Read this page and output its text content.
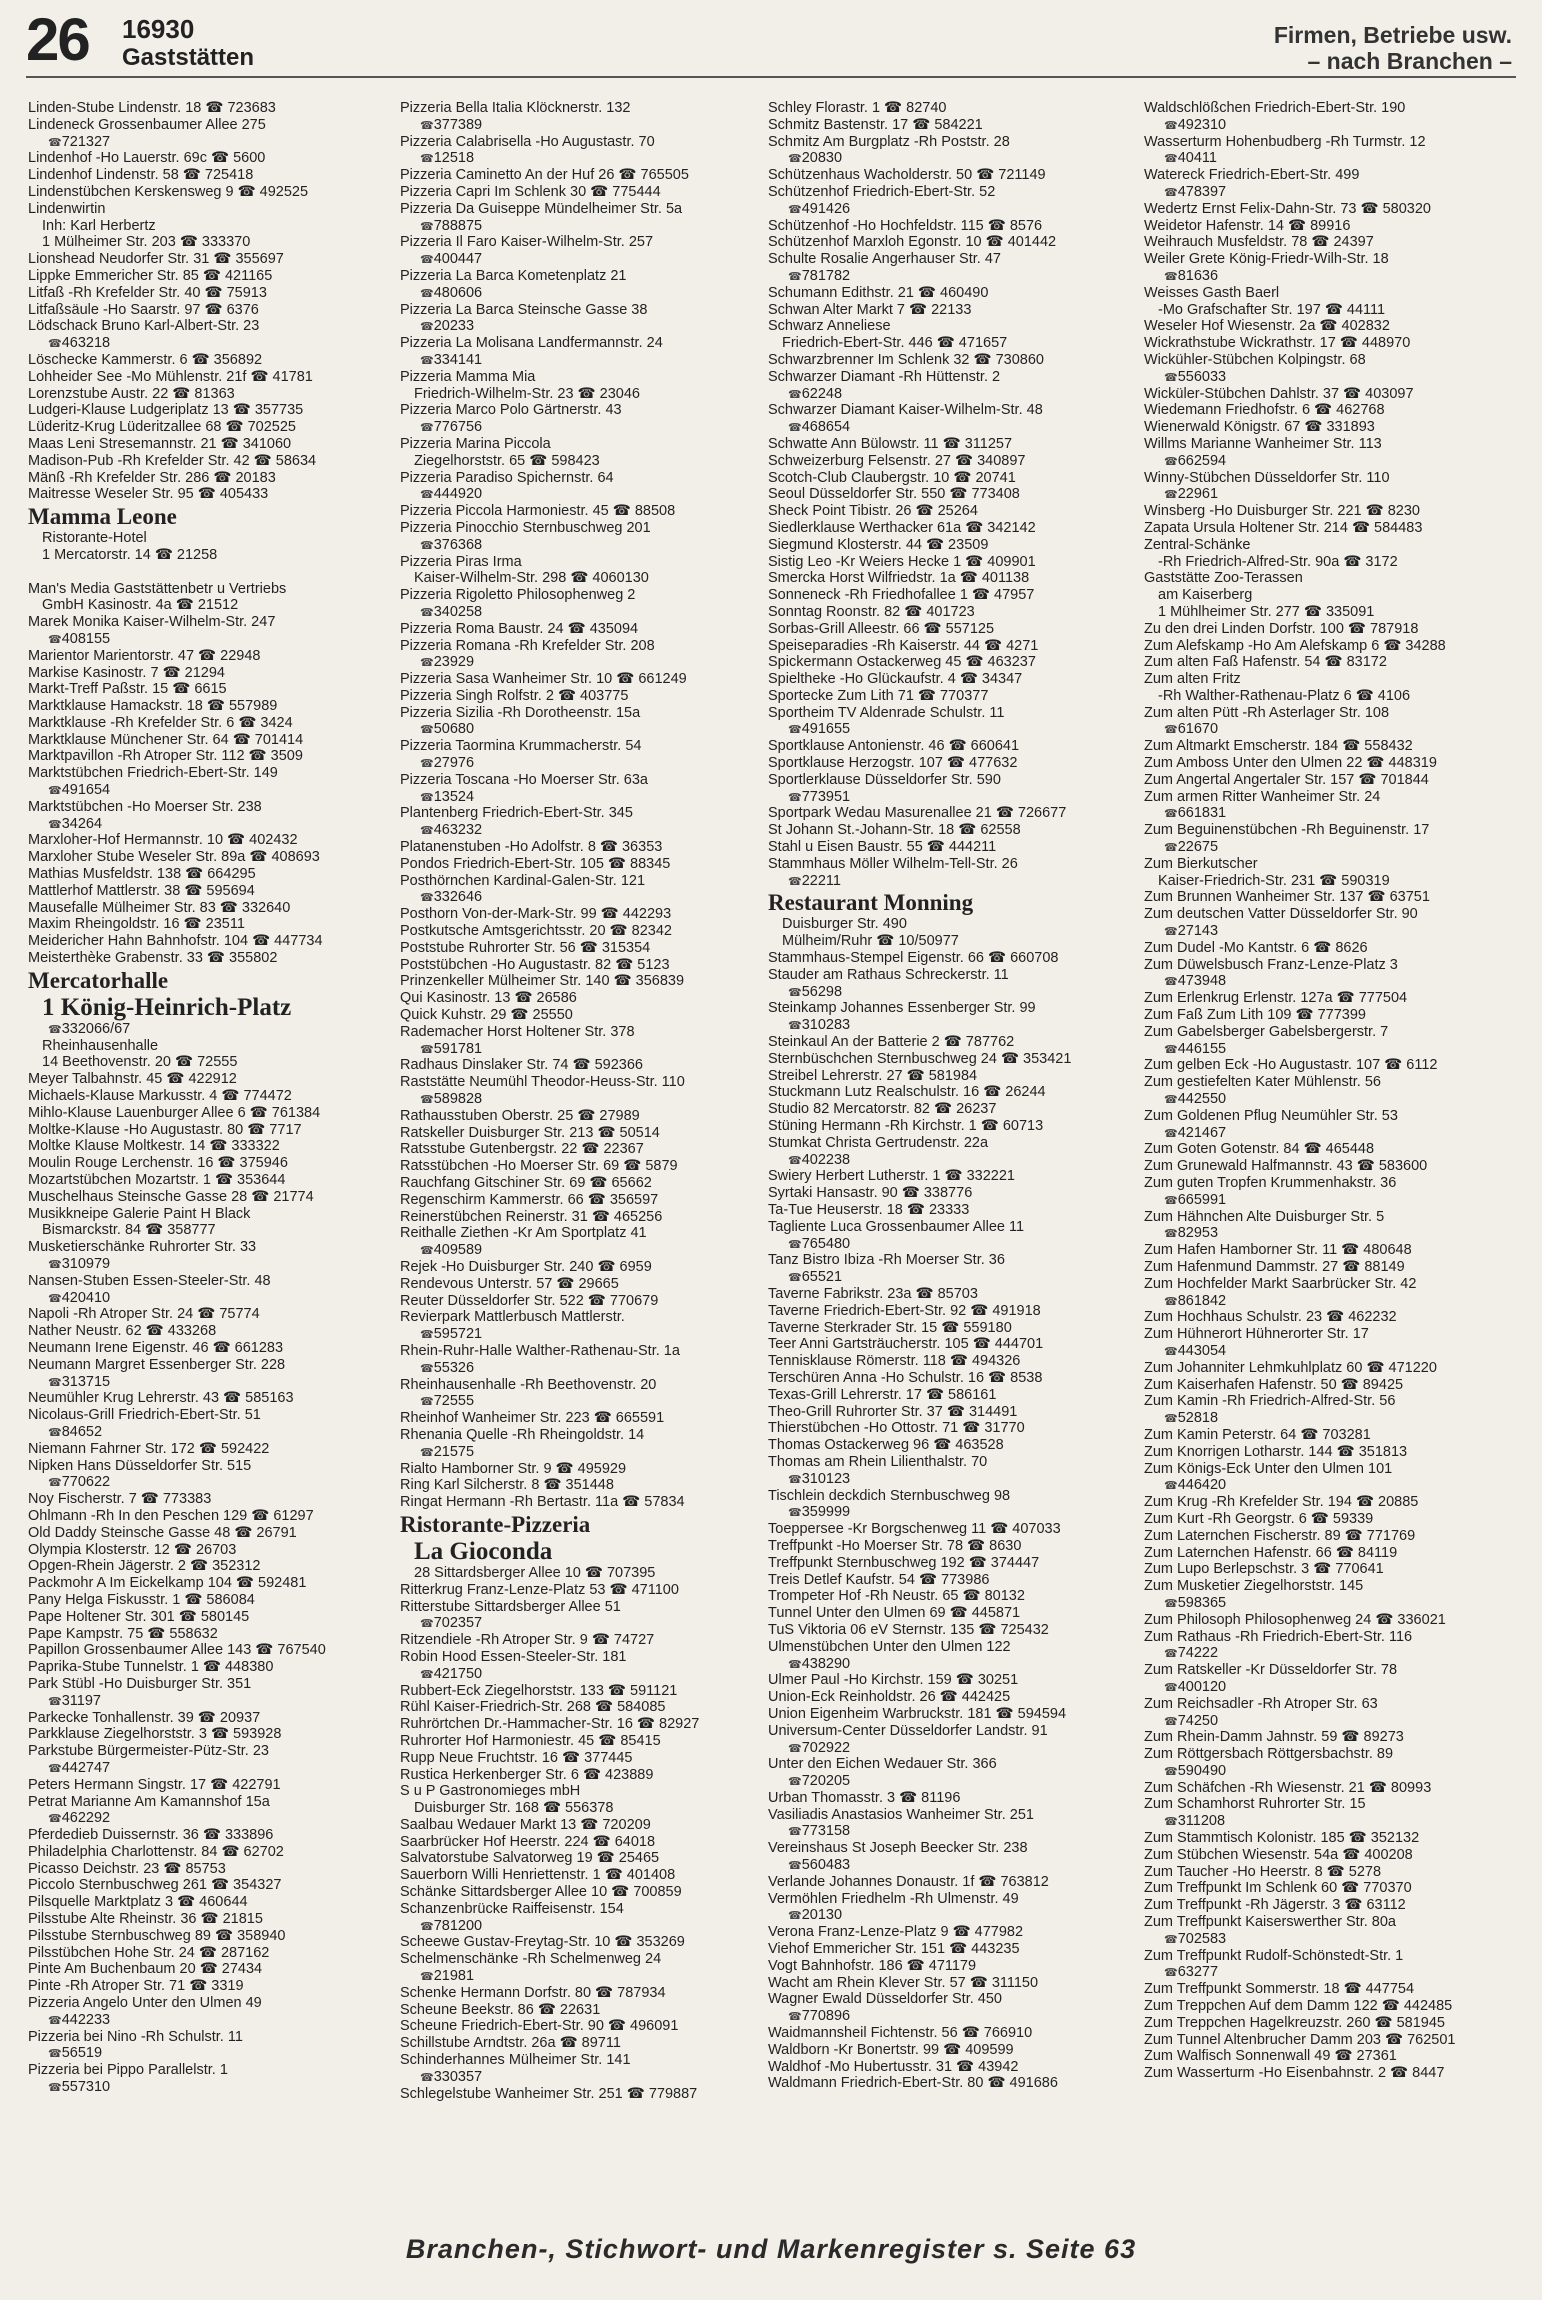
26 16930
Gaststätten
Firmen, Betriebe usw.
– nach Branchen –
Linden-Stube Lindenstr. 18 ☎ 723683
Lindeneck Grossenbaumer Allee 275
☎ 721327
Lindenhof -Ho Lauerstr. 69c ☎ 5600
Lindenhof Lindenstr. 58 ☎ 725418
Lindenstübchen Kerskensweg 9 ☎ 492525
Lindenwirtin
Inh: Karl Herbertz
1 Mülheimer Str. 203 ☎ 333370
Lionshead Neudorfer Str. 31 ☎ 355697
Lippke Emmericher Str. 85 ☎ 421165
Litfaß -Rh Krefelder Str. 40 ☎ 75913
Litfaßsäule -Ho Saarstr. 97 ☎ 6376
Lödschack Bruno Karl-Albert-Str. 23
☎ 463218
Löschecke Kammerstr. 6 ☎ 356892
Lohheider See -Mo Mühlenstr. 21f ☎ 41781
Lorenzstube Austr. 22 ☎ 81363
Ludgeri-Klause Ludgeriplatz 13 ☎ 357735
Lüderitz-Krug Lüderitzallee 68 ☎ 702525
Maas Leni Stresemannstr. 21 ☎ 341060
Madison-Pub -Rh Krefelder Str. 42 ☎ 58634
Mänß -Rh Krefelder Str. 286 ☎ 20183
Maitresse Weseler Str. 95 ☎ 405433
Mamma Leone
Ristorante-Hotel
1 Mercatorstr. 14 ☎ 21258

Man's Media Gaststättenbetr u Vertriebs
GmbH Kasinostr. 4a ☎ 21512
Marek Monika Kaiser-Wilhelm-Str. 247
☎ 408155
Marientor Marientorstr. 47 ☎ 22948
Markise Kasinostr. 7 ☎ 21294
Markt-Treff Paßstr. 15 ☎ 6615
Marktklause Hamackstr. 18 ☎ 557989
Marktklause -Rh Krefelder Str. 6 ☎ 3424
Marktklause Münchener Str. 64 ☎ 701414
Marktpavillon -Rh Atroper Str. 112 ☎ 3509
Marktstübchen Friedrich-Ebert-Str. 149
☎ 491654
Marktstübchen -Ho Moerser Str. 238
☎ 34264
Marxloher-Hof Hermannstr. 10 ☎ 402432
Marxloher Stube Weseler Str. 89a ☎ 408693
Mathias Musfeldstr. 138 ☎ 664295
Mattlerhof Mattlerstr. 38 ☎ 595694
Mausefalle Mülheimer Str. 83 ☎ 332640
Maxim Rheingoldstr. 16 ☎ 23511
Meidericher Hahn Bahnhofstr. 104 ☎ 447734
Meisterthèke Grabenstr. 33 ☎ 355802
Mercatorhalle
1 König-Heinrich-Platz
☎ 332066/67
Rheinhausenhalle
14 Beethovenstr. 20 ☎ 72555
Meyer Talbahnstr. 45 ☎ 422912
Michaels-Klause Markusstr. 4 ☎ 774472
Mihlo-Klause Lauenburger Allee 6 ☎ 761384
Moltke-Klause -Ho Augustastr. 80 ☎ 7717
Moltke Klause Moltkestr. 14 ☎ 333322
Moulin Rouge Lerchenstr. 16 ☎ 375946
Mozartstübchen Mozartstr. 1 ☎ 353644
Muschelhaus Steinsche Gasse 28 ☎ 21774
Musikkneipe Galerie Paint H Black
Bismarckstr. 84 ☎ 358777
Musketierschänke Ruhrorter Str. 33
☎ 310979
Nansen-Stuben Essen-Steeler-Str. 48
☎ 420410
Napoli -Rh Atroper Str. 24 ☎ 75774
Nather Neustr. 62 ☎ 433268
Neumann Irene Eigenstr. 46 ☎ 661283
Neumann Margret Essenberger Str. 228
☎ 313715
Neumühler Krug Lehrerstr. 43 ☎ 585163
Nicolaus-Grill Friedrich-Ebert-Str. 51
☎ 84652
Niemann Fahrner Str. 172 ☎ 592422
Nipken Hans Düsseldorfer Str. 515
☎ 770622
Noy Fischerstr. 7 ☎ 773383
Ohlmann -Rh In den Peschen 129 ☎ 61297
Old Daddy Steinsche Gasse 48 ☎ 26791
Olympia Klosterstr. 12 ☎ 26703
Opgen-Rhein Jägerstr. 2 ☎ 352312
Packmohr A Im Eickelkamp 104 ☎ 592481
Pany Helga Fiskusstr. 1 ☎ 586084
Pape Holtener Str. 301 ☎ 580145
Pape Kampstr. 75 ☎ 558632
Papillon Grossenbaumer Allee 143 ☎ 767540
Paprika-Stube Tunnelstr. 1 ☎ 448380
Park Stübl -Ho Duisburger Str. 351
☎ 31197
Parkecke Tonhallenstr. 39 ☎ 20937
Parkklause Ziegelhorststr. 3 ☎ 593928
Parkstube Bürgermeister-Pütz-Str. 23
☎ 442747
Peters Hermann Singstr. 17 ☎ 422791
Petrat Marianne Am Kamannshof 15a
☎ 462292
Pferdedieb Duissernstr. 36 ☎ 333896
Philadelphia Charlottenstr. 84 ☎ 62702
Picasso Deichstr. 23 ☎ 85753
Piccolo Sternbuschweg 261 ☎ 354327
Pilsquelle Marktplatz 3 ☎ 460644
Pilsstube Alte Rheinstr. 36 ☎ 21815
Pilsstube Sternbuschweg 89 ☎ 358940
Pilsstübchen Hohe Str. 24 ☎ 287162
Pinte Am Buchenbaum 20 ☎ 27434
Pinte -Rh Atroper Str. 71 ☎ 3319
Pizzeria Angelo Unter den Ulmen 49
☎ 442233
Pizzeria bei Nino -Rh Schulstr. 11
☎ 56519
Pizzeria bei Pippo Parallelstr. 1
☎ 557310
Pizzeria Bella Italia Klöcknerstr. 132
☎ 377389
Pizzeria Calabrisella -Ho Augustastr. 70
☎ 12518
Pizzeria Caminetto An der Huf 26 ☎ 765505
Pizzeria Capri Im Schlenk 30 ☎ 775444
Pizzeria Da Guiseppe Mündelheimer Str. 5a
☎ 788875
Pizzeria Il Faro Kaiser-Wilhelm-Str. 257
☎ 400447
Pizzeria La Barca Kometenplatz 21
☎ 480606
Pizzeria La Barca Steinsche Gasse 38
☎ 20233
Pizzeria La Molisana Landfermannstr. 24
☎ 334141
Pizzeria Mamma Mia
Friedrich-Wilhelm-Str. 23 ☎ 23046
Pizzeria Marco Polo Gärtnerstr. 43
☎ 776756
Pizzeria Marina Piccola
Ziegelhorststr. 65 ☎ 598423
Pizzeria Paradiso Spichernstr. 64
☎ 444920
Pizzeria Piccola Harmoniestr. 45 ☎ 88508
Pizzeria Pinocchio Sternbuschweg 201
☎ 376368
Pizzeria Piras Irma
Kaiser-Wilhelm-Str. 298 ☎ 4060130
Pizzeria Rigoletto Philosophenweg 2
☎ 340258
Pizzeria Roma Baustr. 24 ☎ 435094
Pizzeria Romana -Rh Krefelder Str. 208
☎ 23929
Pizzeria Sasa Wanheimer Str. 10 ☎ 661249
Pizzeria Singh Rolfstr. 2 ☎ 403775
Pizzeria Sizilia -Rh Dorotheenstr. 15a
☎ 50680
Pizzeria Taormina Krummacherstr. 54
☎ 27976
Pizzeria Toscana -Ho Moerser Str. 63a
☎ 13524
Plantenberg Friedrich-Ebert-Str. 345
☎ 463232
Platanenstuben -Ho Adolfstr. 8 ☎ 36353
Pondos Friedrich-Ebert-Str. 105 ☎ 88345
Posthörnchen Kardinal-Galen-Str. 121
☎ 332646
Posthorn Von-der-Mark-Str. 99 ☎ 442293
Postkutsche Amtsgerichtsstr. 20 ☎ 82342
Poststube Ruhrorter Str. 56 ☎ 315354
Poststübchen -Ho Augustastr. 82 ☎ 5123
Prinzenkeller Mülheimer Str. 140 ☎ 356839
Qui Kasinostr. 13 ☎ 26586
Quick Kuhstr. 29 ☎ 25550
Rademacher Horst Holtener Str. 378
☎ 591781
Radhaus Dinslaker Str. 74 ☎ 592366
Raststätte Neumühl Theodor-Heuss-Str. 110
☎ 589828
Rathausstuben Oberstr. 25 ☎ 27989
Ratskeller Duisburger Str. 213 ☎ 50514
Ratsstube Gutenbergstr. 22 ☎ 22367
Ratsstübchen -Ho Moerser Str. 69 ☎ 5879
Rauchfang Gitschiner Str. 69 ☎ 65662
Regenschirm Kammerstr. 66 ☎ 356597
Reinerstübchen Reinerstr. 31 ☎ 465256
Reithalle Ziethen -Kr Am Sportplatz 41
☎ 409589
Rejek -Ho Duisburger Str. 240 ☎ 6959
Rendevous Unterstr. 57 ☎ 29665
Reuter Düsseldorfer Str. 522 ☎ 770679
Revierpark Mattlerbusch Mattlerstr.
☎ 595721
Rhein-Ruhr-Halle Walther-Rathenau-Str. 1a
☎ 55326
Rheinhausenhalle -Rh Beethovenstr. 20
☎ 72555
Rheinhof Wanheimer Str. 223 ☎ 665591
Rhenania Quelle -Rh Rheingoldstr. 14
☎ 21575
Rialto Hamborner Str. 9 ☎ 495929
Ring Karl Silcherstr. 8 ☎ 351448
Ringat Hermann -Rh Bertastr. 11a ☎ 57834
Ristorante-Pizzeria
La Gioconda
28 Sittardsberger Allee 10 ☎ 707395
Ritterkrug Franz-Lenze-Platz 53 ☎ 471100
Ritterstube Sittardsberger Allee 51
☎ 702357
Ritzendiele -Rh Atroper Str. 9 ☎ 74727
Robin Hood Essen-Steeler-Str. 181
☎ 421750
Rubbert-Eck Ziegelhorststr. 133 ☎ 591121
Rühl Kaiser-Friedrich-Str. 268 ☎ 584085
Ruhrörtchen Dr.-Hammacher-Str. 16 ☎ 82927
Ruhrorter Hof Harmoniestr. 45 ☎ 85415
Rupp Neue Fruchtstr. 16 ☎ 377445
Rustica Herkenberger Str. 6 ☎ 423889
S u P Gastronomieges mbH
Duisburger Str. 168 ☎ 556378
Saalbau Wedauer Markt 13 ☎ 720209
Saarbrücker Hof Heerstr. 224 ☎ 64018
Salvatorstube Salvatorweg 19 ☎ 25465
Sauerborn Willi Henriettenstr. 1 ☎ 401408
Schänke Sittardsberger Allee 10 ☎ 700859
Schanzenbrücke Raiffeisenstr. 154
☎ 781200
Scheewe Gustav-Freytag-Str. 10 ☎ 353269
Schelmenschänke -Rh Schelmenweg 24
☎ 21981
Schenke Hermann Dorfstr. 80 ☎ 787934
Scheune Beekstr. 86 ☎ 22631
Scheune Friedrich-Ebert-Str. 90 ☎ 496091
Schillstube Arndtstr. 26a ☎ 89711
Schinderhannes Mülheimer Str. 141
☎ 330357
Schlegelstube Wanheimer Str. 251 ☎ 779887
Schley Florastr. 1 ☎ 82740
Schmitz Bastenstr. 17 ☎ 584221
Schmitz Am Burgplatz -Rh Poststr. 28
☎ 20830
Schützenhaus Wacholderstr. 50 ☎ 721149
Schützenhof Friedrich-Ebert-Str. 52
☎ 491426
Schützenhof -Ho Hochfeldstr. 115 ☎ 8576
Schützenhof Marxloh Egonstr. 10 ☎ 401442
Schulte Rosalie Angerhauser Str. 47
☎ 781782
Schumann Edithstr. 21 ☎ 460490
Schwan Alter Markt 7 ☎ 22133
Schwarz Anneliese
Friedrich-Ebert-Str. 446 ☎ 471657
Schwarzbrenner Im Schlenk 32 ☎ 730860
Schwarzer Diamant -Rh Hüttenstr. 2
☎ 62248
Schwarzer Diamant Kaiser-Wilhelm-Str. 48
☎ 468654
Schwatte Ann Bülowstr. 11 ☎ 311257
Schweizerburg Felsenstr. 27 ☎ 340897
Scotch-Club Claubergstr. 10 ☎ 20741
Seoul Düsseldorfer Str. 550 ☎ 773408
Sheck Point Tibistr. 26 ☎ 25264
Siedlerklause Werthacker 61a ☎ 342142
Siegmund Klosterstr. 44 ☎ 23509
Sistig Leo -Kr Weiers Hecke 1 ☎ 409901
Smercka Horst Wilfriedstr. 1a ☎ 401138
Sonneneck -Rh Friedhofallee 1 ☎ 47957
Sonntag Roonstr. 82 ☎ 401723
Sorbas-Grill Alleestr. 66 ☎ 557125
Speiseparadies -Rh Kaiserstr. 44 ☎ 4271
Spickermann Ostackerweg 45 ☎ 463237
Spieltheke -Ho Glückaufstr. 4 ☎ 34347
Sportecke Zum Lith 71 ☎ 770377
Sportheim TV Aldenrade Schulstr. 11
☎ 491655
Sportklause Antonienstr. 46 ☎ 660641
Sportklause Herzogstr. 107 ☎ 477632
Sportlerklause Düsseldorfer Str. 590
☎ 773951
Sportpark Wedau Masurenallee 21 ☎ 726677
St Johann St.-Johann-Str. 18 ☎ 62558
Stahl u Eisen Baustr. 55 ☎ 444211
Stammhaus Möller Wilhelm-Tell-Str. 26
☎ 22211
Restaurant Monning
Duisburger Str. 490
Mülheim/Ruhr ☎ 10/50977
Stammhaus-Stempel Eigenstr. 66 ☎ 660708
Stauder am Rathaus Schreckerstr. 11
☎ 56298
Steinkamp Johannes Essenberger Str. 99
☎ 310283
Steinkaul An der Batterie 2 ☎ 787762
Sternbüschchen Sternbuschweg 24 ☎ 353421
Streibel Lehrerstr. 27 ☎ 581984
Stuckmann Lutz Realschulstr. 16 ☎ 26244
Studio 82 Mercatorstr. 82 ☎ 26237
Stüning Hermann -Rh Kirchstr. 1 ☎ 60713
Stumkat Christa Gertrudenstr. 22a
☎ 402238
Swiery Herbert Lutherstr. 1 ☎ 332221
Syrtaki Hansastr. 90 ☎ 338776
Ta-Tue Heuserstr. 18 ☎ 23333
Tagliente Luca Grossenbaumer Allee 11
☎ 765480
Tanz Bistro Ibiza -Rh Moerser Str. 36
☎ 65521
Taverne Fabrikstr. 23a ☎ 85703
Taverne Friedrich-Ebert-Str. 92 ☎ 491918
Taverne Sterkrader Str. 15 ☎ 559180
Teer Anni Gartsträucherstr. 105 ☎ 444701
Tennisklause Römerstr. 118 ☎ 494326
Terschüren Anna -Ho Schulstr. 16 ☎ 8538
Texas-Grill Lehrerstr. 17 ☎ 586161
Theo-Grill Ruhrorter Str. 37 ☎ 314491
Thierstübchen -Ho Ottostr. 71 ☎ 31770
Thomas Ostackerweg 96 ☎ 463528
Thomas am Rhein Lilienthalstr. 70
☎ 310123
Tischlein deckdich Sternbuschweg 98
☎ 359999
Toeppersee -Kr Borgschenweg 11 ☎ 407033
Treffpunkt -Ho Moerser Str. 78 ☎ 8630
Treffpunkt Sternbuschweg 192 ☎ 374447
Treis Detlef Kaufstr. 54 ☎ 773986
Trompeter Hof -Rh Neustr. 65 ☎ 80132
Tunnel Unter den Ulmen 69 ☎ 445871
TuS Viktoria 06 eV Sternstr. 135 ☎ 725432
Ulmenstübchen Unter den Ulmen 122
☎ 438290
Ulmer Paul -Ho Kirchstr. 159 ☎ 30251
Union-Eck Reinholdstr. 26 ☎ 442425
Union Eigenheim Warbruckstr. 181 ☎ 594594
Universum-Center Düsseldorfer Landstr. 91
☎ 702922
Unter den Eichen Wedauer Str. 366
☎ 720205
Urban Thomasstr. 3 ☎ 81196
Vasiliadis Anastasios Wanheimer Str. 251
☎ 773158
Vereinshaus St Joseph Beecker Str. 238
☎ 560483
Verlande Johannes Donaustr. 1f ☎ 763812
Vermöhlen Friedhelm -Rh Ulmenstr. 49
☎ 20130
Verona Franz-Lenze-Platz 9 ☎ 477982
Viehof Emmericher Str. 151 ☎ 443235
Vogt Bahnhofstr. 186 ☎ 471179
Wacht am Rhein Klever Str. 57 ☎ 311150
Wagner Ewald Düsseldorfer Str. 450
☎ 770896
Waidmannsheil Fichtenstr. 56 ☎ 766910
Waldborn -Kr Bonertstr. 99 ☎ 409599
Waldhof -Mo Hubertusstr. 31 ☎ 43942
Waldmann Friedrich-Ebert-Str. 80 ☎ 491686
Waldschlößchen Friedrich-Ebert-Str. 190
☎ 492310
Wasserturm Hohenbudberg -Rh Turmstr. 12
☎ 40411
Watereck Friedrich-Ebert-Str. 499
☎ 478397
Wedertz Ernst Felix-Dahn-Str. 73 ☎ 580320
Weidetor Hafenstr. 14 ☎ 89916
Weihrauch Musfeldstr. 78 ☎ 24397
Weiler Grete König-Friedr-Wilh-Str. 18
☎ 81636
Weisses Gasth Baerl
-Mo Grafschafter Str. 197 ☎ 44111
Weseler Hof Wiesenstr. 2a ☎ 402832
Wickrathstube Wickrathstr. 17 ☎ 448970
Wickühler-Stübchen Kolpingstr. 68
☎ 556033
Wicküler-Stübchen Dahlstr. 37 ☎ 403097
Wiedemann Friedhofstr. 6 ☎ 462768
Wienerwald Königstr. 67 ☎ 331893
Willms Marianne Wanheimer Str. 113
☎ 662594
Winny-Stübchen Düsseldorfer Str. 110
☎ 22961
Winsberg -Ho Duisburger Str. 221 ☎ 8230
Zapata Ursula Holtener Str. 214 ☎ 584483
Zentral-Schänke
-Rh Friedrich-Alfred-Str. 90a ☎ 3172
Gaststätte Zoo-Terassen
am Kaiserberg
1 Mühlheimer Str. 277 ☎ 335091
Zu den drei Linden Dorfstr. 100 ☎ 787918
Zum Alefskamp -Ho Am Alefskamp 6 ☎ 34288
Zum alten Faß Hafenstr. 54 ☎ 83172
Zum alten Fritz
-Rh Walther-Rathenau-Platz 6 ☎ 4106
Zum alten Pütt -Rh Asterlager Str. 108
☎ 61670
Zum Altmarkt Emscherstr. 184 ☎ 558432
Zum Amboss Unter den Ulmen 22 ☎ 448319
Zum Angertal Angertaler Str. 157 ☎ 701844
Zum armen Ritter Wanheimer Str. 24
☎ 661831
Zum Beguinenstübchen -Rh Beguinenstr. 17
☎ 22675
Zum Bierkutscher
Kaiser-Friedrich-Str. 231 ☎ 590319
Zum Brunnen Wanheimer Str. 137 ☎ 63751
Zum deutschen Vatter Düsseldorfer Str. 90
☎ 27143
Zum Dudel -Mo Kantstr. 6 ☎ 8626
Zum Düwelsbusch Franz-Lenze-Platz 3
☎ 473948
Zum Erlenkrug Erlenstr. 127a ☎ 777504
Zum Faß Zum Lith 109 ☎ 777399
Zum Gabelsberger Gabelsbergerstr. 7
☎ 446155
Zum gelben Eck -Ho Augustastr. 107 ☎ 6112
Zum gestiefelten Kater Mühlenstr. 56
☎ 442550
Zum Goldenen Pflug Neumühler Str. 53
☎ 421467
Zum Goten Gotenstr. 84 ☎ 465448
Zum Grunewald Halfmannstr. 43 ☎ 583600
Zum guten Tropfen Krummenhakstr. 36
☎ 665991
Zum Hähnchen Alte Duisburger Str. 5
☎ 82953
Zum Hafen Hamborner Str. 11 ☎ 480648
Zum Hafenmund Dammstr. 27 ☎ 88149
Zum Hochfelder Markt Saarbrücker Str. 42
☎ 861842
Zum Hochhaus Schulstr. 23 ☎ 462232
Zum Hühnerort Hühnerorter Str. 17
☎ 443054
Zum Johanniter Lehmkuhlplatz 60 ☎ 471220
Zum Kaiserhafen Hafenstr. 50 ☎ 89425
Zum Kamin -Rh Friedrich-Alfred-Str. 56
☎ 52818
Zum Kamin Peterstr. 64 ☎ 703281
Zum Knorrigen Lotharstr. 144 ☎ 351813
Zum Königs-Eck Unter den Ulmen 101
☎ 446420
Zum Krug -Rh Krefelder Str. 194 ☎ 20885
Zum Kurt -Rh Georgstr. 6 ☎ 59339
Zum Laternchen Fischerstr. 89 ☎ 771769
Zum Laternchen Hafenstr. 66 ☎ 84119
Zum Lupo Berlepschstr. 3 ☎ 770641
Zum Musketier Ziegelhorststr. 145
☎ 598365
Zum Philosoph Philosophenweg 24 ☎ 336021
Zum Rathaus -Rh Friedrich-Ebert-Str. 116
☎ 74222
Zum Ratskeller -Kr Düsseldorfer Str. 78
☎ 400120
Zum Reichsadler -Rh Atroper Str. 63
☎ 74250
Zum Rhein-Damm Jahnstr. 59 ☎ 89273
Zum Röttgersbach Röttgersbachstr. 89
☎ 590490
Zum Schäfchen -Rh Wiesenstr. 21 ☎ 80993
Zum Schamhorst Ruhrorter Str. 15
☎ 311208
Zum Stammtisch Kolonistr. 185 ☎ 352132
Zum Stübchen Wiesenstr. 54a ☎ 400208
Zum Taucher -Ho Heerstr. 8 ☎ 5278
Zum Treffpunkt Im Schlenk 60 ☎ 770370
Zum Treffpunkt -Rh Jägerstr. 3 ☎ 63112
Zum Treffpunkt Kaiserswerther Str. 80a
☎ 702583
Zum Treffpunkt Rudolf-Schönstedt-Str. 1
☎ 63277
Zum Treffpunkt Sommerstr. 18 ☎ 447754
Zum Treppchen Auf dem Damm 122 ☎ 442485
Zum Treppchen Hagelkreuzstr. 260 ☎ 581945
Zum Tunnel Altenbrucher Damm 203 ☎ 762501
Zum Walfisch Sonnenwall 49 ☎ 27361
Zum Wasserturm -Ho Eisenbahnstr. 2 ☎ 8447
Branchen-, Stichwort- und Markenregister s. Seite 63
